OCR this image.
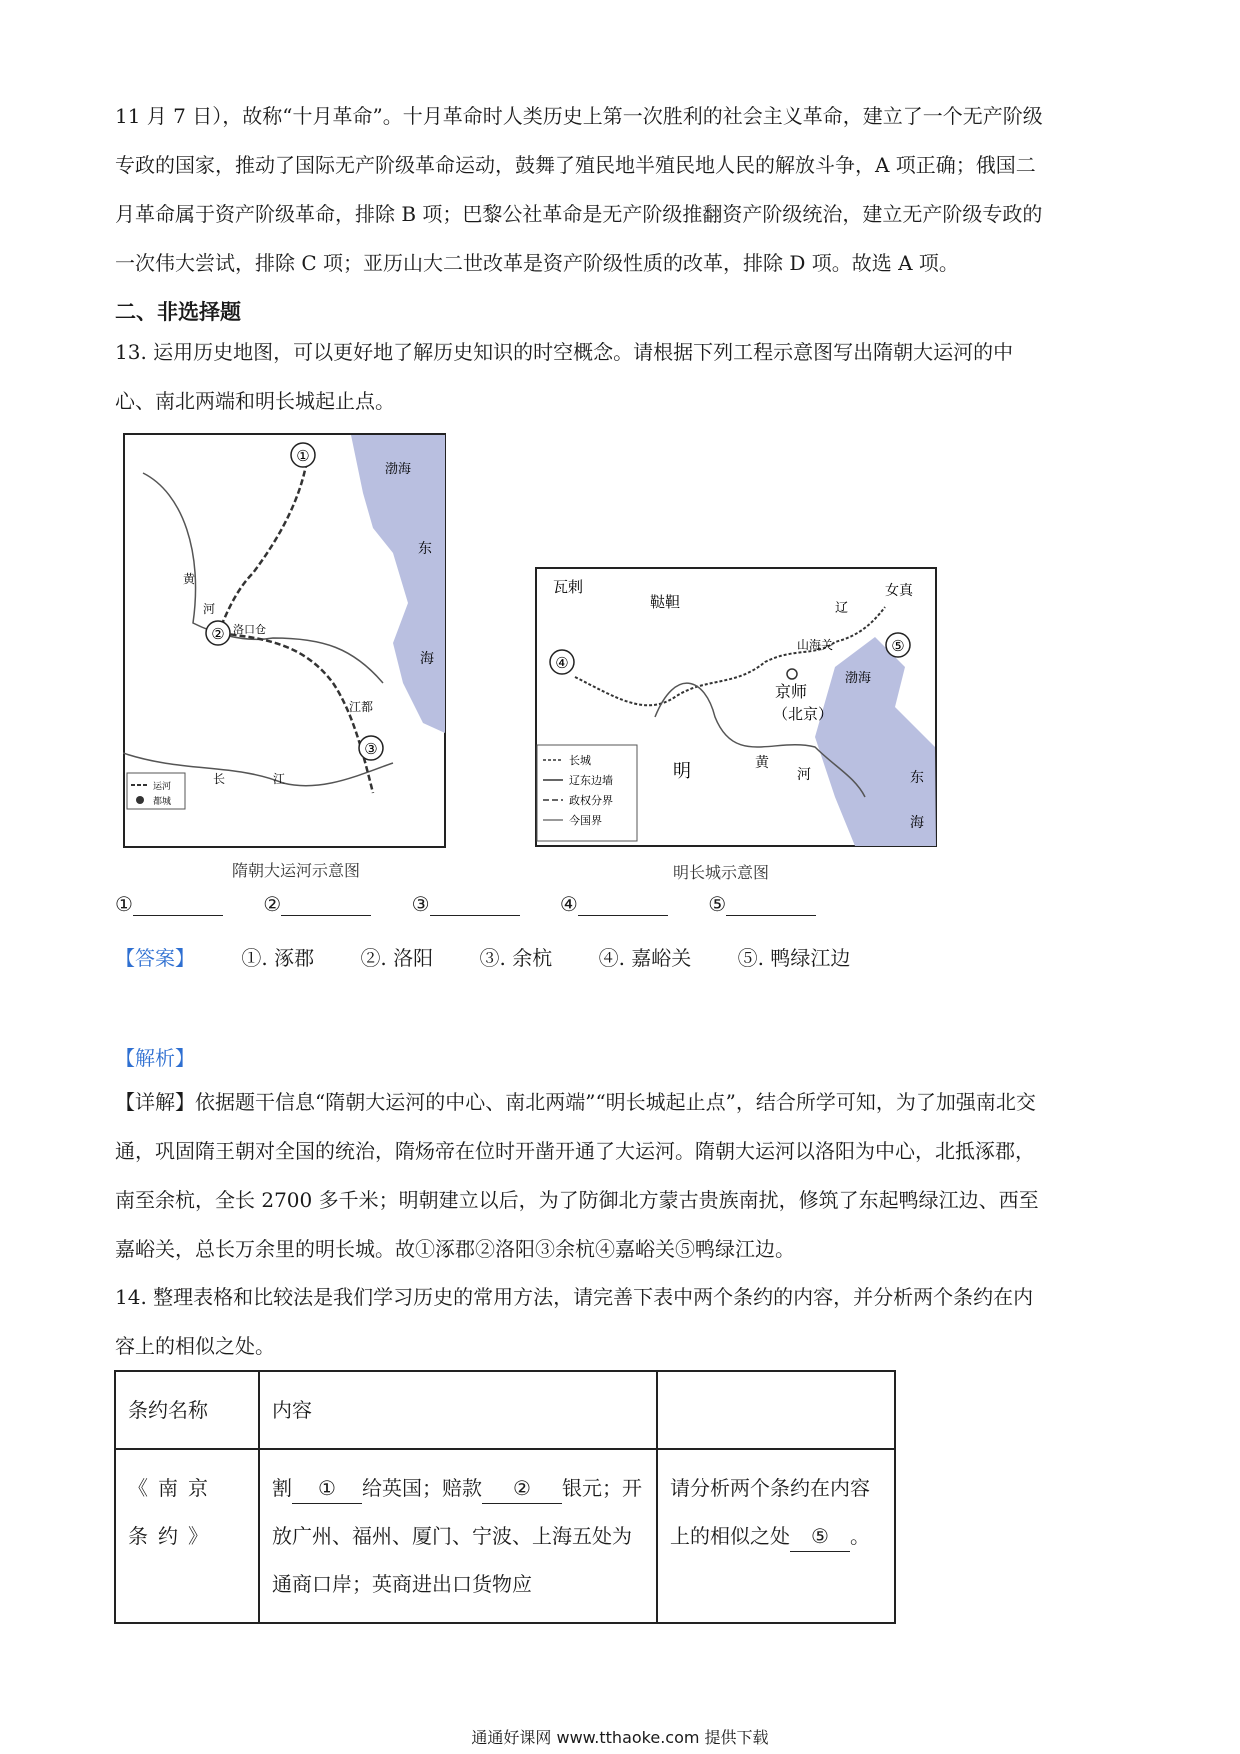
11 月 7 日），故称“十月革命”。十月革命时人类历史上第一次胜利的社会主义革命，建立了一个无产阶级
专政的国家，推动了国际无产阶级革命运动，鼓舞了殖民地半殖民地人民的解放斗争，A 项正确；俄国二
月革命属于资产阶级革命，排除 B 项；巴黎公社革命是无产阶级推翻资产阶级统治，建立无产阶级专政的
一次伟大尝试，排除 C 项；亚历山大二世改革是资产阶级性质的改革，排除 D 项。故选 A 项。
二、非选择题
13. 运用历史地图，可以更好地了解历史知识的时空概念。请根据下列工程示意图写出隋朝大运河的中
心、南北两端和明长城起止点。
①
②
③
渤海
东
海
江都
洛口仓
黄
河
长	江
运河
都城
隋朝大运河示意图
④
⑤
瓦剌
鞑靼
女真
辽
山海关
京师
（北京）
渤海
明	黄
河	东
海
长城
辽东边墙
政权分界
今国界
明长城示意图
①	②	③	④	⑤
【答案】 ①. 涿郡 ②. 洛阳 ③. 余杭 ④. 嘉峪关 ⑤. 鸭绿江边
【解析】
【详解】依据题干信息“隋朝大运河的中心、南北两端”“明长城起止点”，结合所学可知，为了加强南北交
通，巩固隋王朝对全国的统治，隋炀帝在位时开凿开通了大运河。隋朝大运河以洛阳为中心，北抵涿郡，
南至余杭，全长 2700 多千米；明朝建立以后，为了防御北方蒙古贵族南扰，修筑了东起鸭绿江边、西至
嘉峪关，总长万余里的明长城。故①涿郡②洛阳③余杭④嘉峪关⑤鸭绿江边。
14. 整理表格和比较法是我们学习历史的常用方法，请完善下表中两个条约的内容，并分析两个条约在内
容上的相似之处。
条约名称	内容	
《南京条约》	割 ① 给英国；赔款 ② 银元；开放广州、福州、厦门、宁波、上海五处为通商口岸；英商进出口货物应	请分析两个条约在内容上的相似之处 ⑤ 。
通通好课网 www.tthaoke.com 提供下载
